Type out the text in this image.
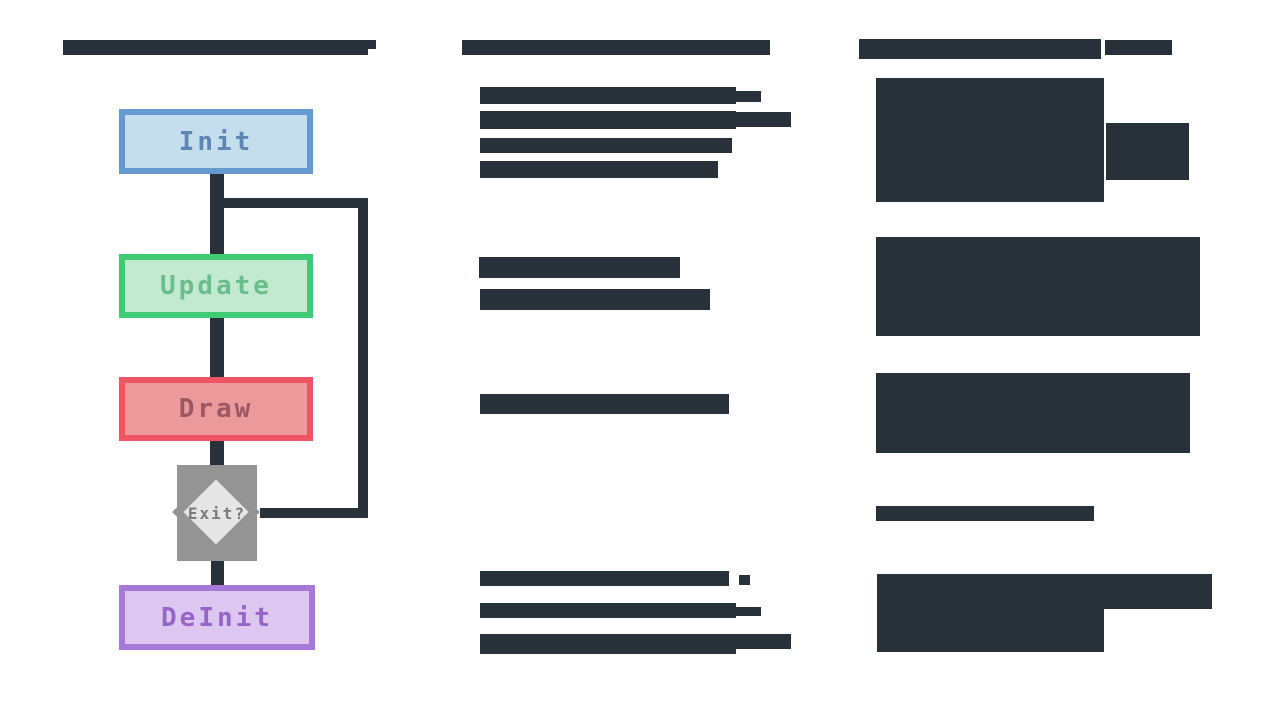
Init
Update
Draw
Exit?
DeInit
